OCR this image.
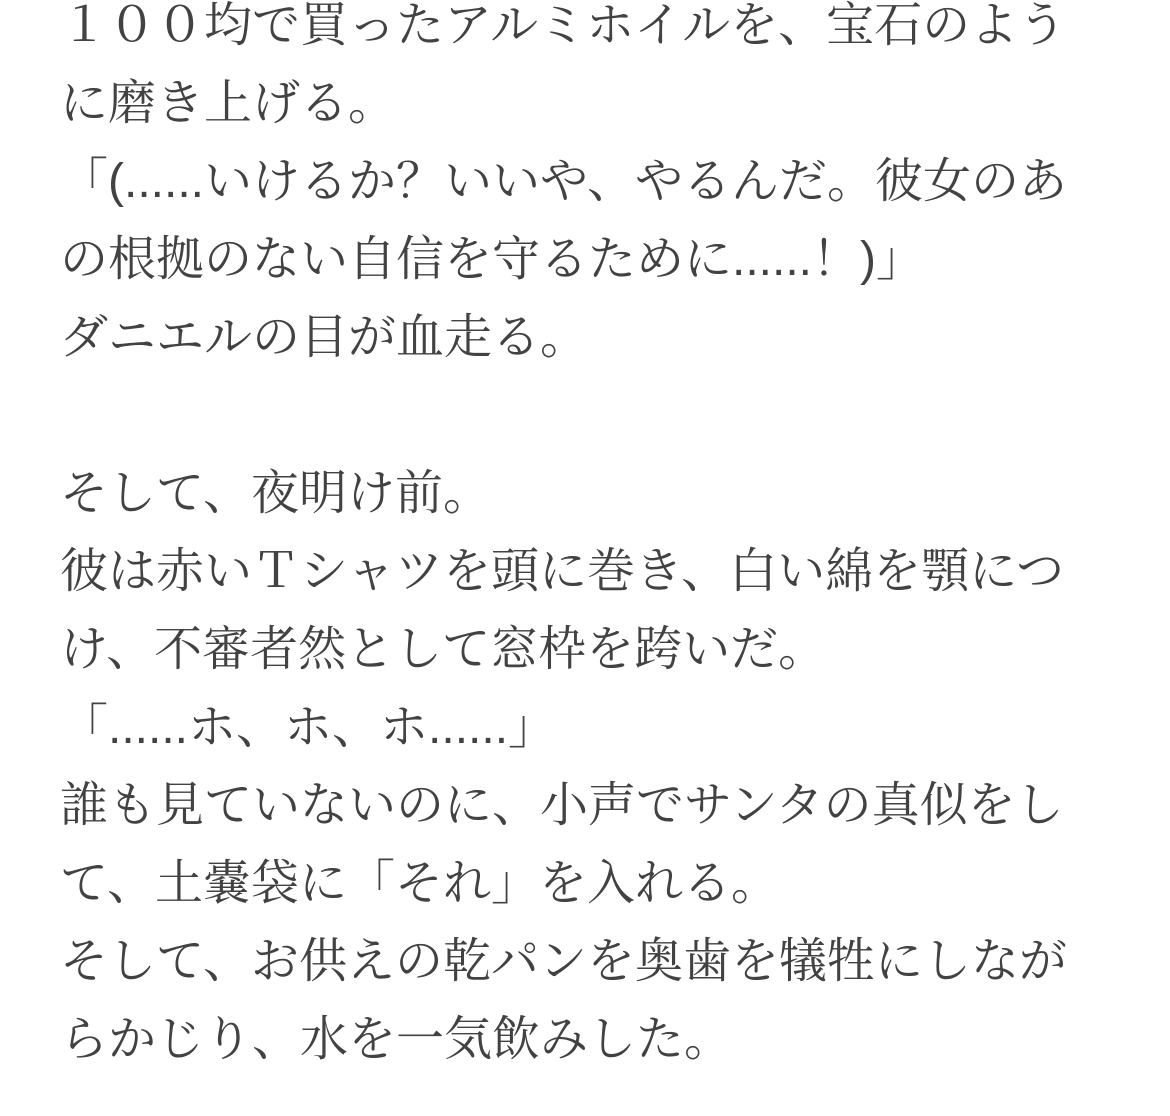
１００均で買ったアルミホイルを、宝石のよう
に磨き上げる。
「(......いけるか？いいや、やるんだ。彼女のあ
の根拠のない自信を守るために......！)」
ダニエルの目が血走る。
そして、夜明け前。
彼は赤いＴシャツを頭に巻き、白い綿を顎につ
け、不審者然として窓枠を跨いだ。
「......ホ、ホ、ホ......」
誰も見ていないのに、小声でサンタの真似をし
て、土嚢袋に「それ」を入れる。
そして、お供えの乾パンを奥歯を犠牲にしなが
らかじり、水を一気飲みした。
